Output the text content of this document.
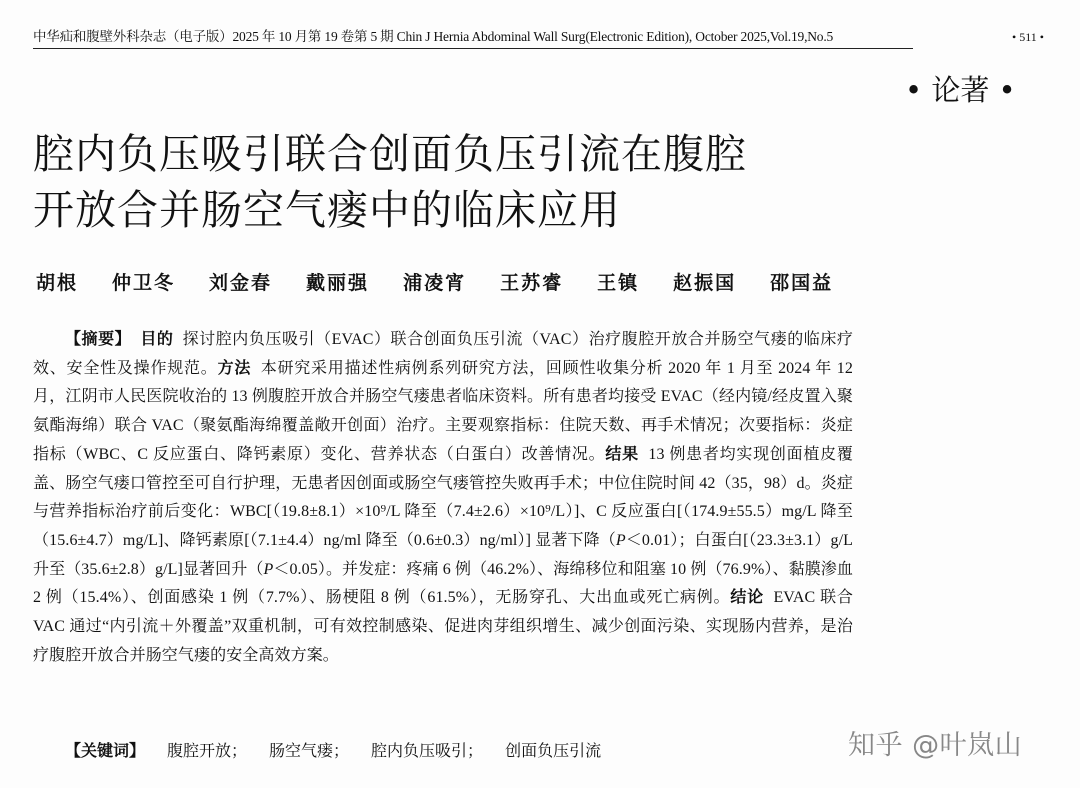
中华疝和腹壁外科杂志（电子版）2025 年 10 月第 19 卷第 5 期 Chin J Hernia Abdominal Wall Surg(Electronic Edition), October 2025,Vol.19,No.5	• 511 •
• 论著 •
腔内负压吸引联合创面负压引流在腹腔
开放合并肠空气瘘中的临床应用
胡根 仲卫冬 刘金春 戴丽强 浦凌宵 王苏睿 王镇 赵振国 邵国益

【摘要】 目的 探讨腔内负压吸引（EVAC）联合创面负压引流（VAC）治疗腹腔开放合并肠空气瘘的临床疗效、安全性及操作规范。方法 本研究采用描述性病例系列研究方法，回顾性收集分析 2020 年 1 月至 2024 年 12 月，江阴市人民医院收治的 13 例腹腔开放合并肠空气瘘患者临床资料。所有患者均接受 EVAC（经内镜/经皮置入聚氨酯海绵）联合 VAC（聚氨酯海绵覆盖敞开创面）治疗。主要观察指标：住院天数、再手术情况；次要指标：炎症指标（WBC、C 反应蛋白、降钙素原）变化、营养状态（白蛋白）改善情况。结果 13 例患者均实现创面植皮覆盖、肠空气瘘口管控至可自行护理，无患者因创面或肠空气瘘管控失败再手术；中位住院时间 42（35，98）d。炎症与营养指标治疗前后变化：WBC[（19.8±8.1）×10⁹/L 降至（7.4±2.6）×10⁹/L）]、C 反应蛋白[（174.9±55.5）mg/L 降至（15.6±4.7）mg/L]、降钙素原[（7.1±4.4）ng/ml 降至（0.6±0.3）ng/ml）] 显著下降（P＜0.01）；白蛋白[（23.3±3.1）g/L 升至（35.6±2.8）g/L]显著回升（P＜0.05）。并发症：疼痛 6 例（46.2%）、海绵移位和阻塞 10 例（76.9%）、黏膜渗血 2 例（15.4%）、创面感染 1 例（7.7%）、肠梗阻 8 例（61.5%），无肠穿孔、大出血或死亡病例。结论 EVAC 联合 VAC 通过“内引流＋外覆盖”双重机制，可有效控制感染、促进肉芽组织增生、减少创面污染、实现肠内营养，是治疗腹腔开放合并肠空气瘘的安全高效方案。

【关键词】 腹腔开放； 肠空气瘘； 腔内负压吸引； 创面负压引流	知乎 @叶岚山
